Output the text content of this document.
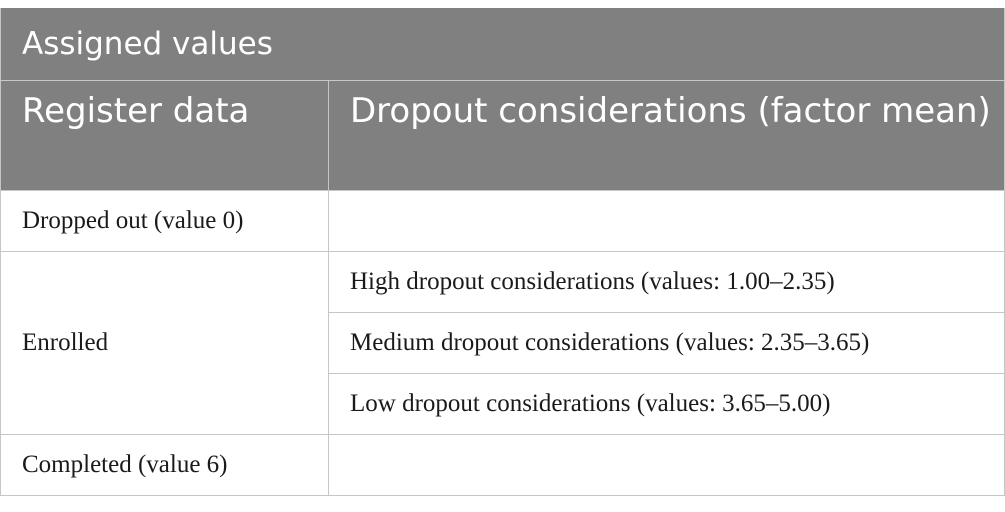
Assigned values	
Register data	Dropout considerations (factor mean)
Dropped out (value 0)	
Enrolled	High dropout considerations (values: 1.00–2.35)
	Medium dropout considerations (values: 2.35–3.65)
	Low dropout considerations (values: 3.65–5.00)
Completed (value 6)	
